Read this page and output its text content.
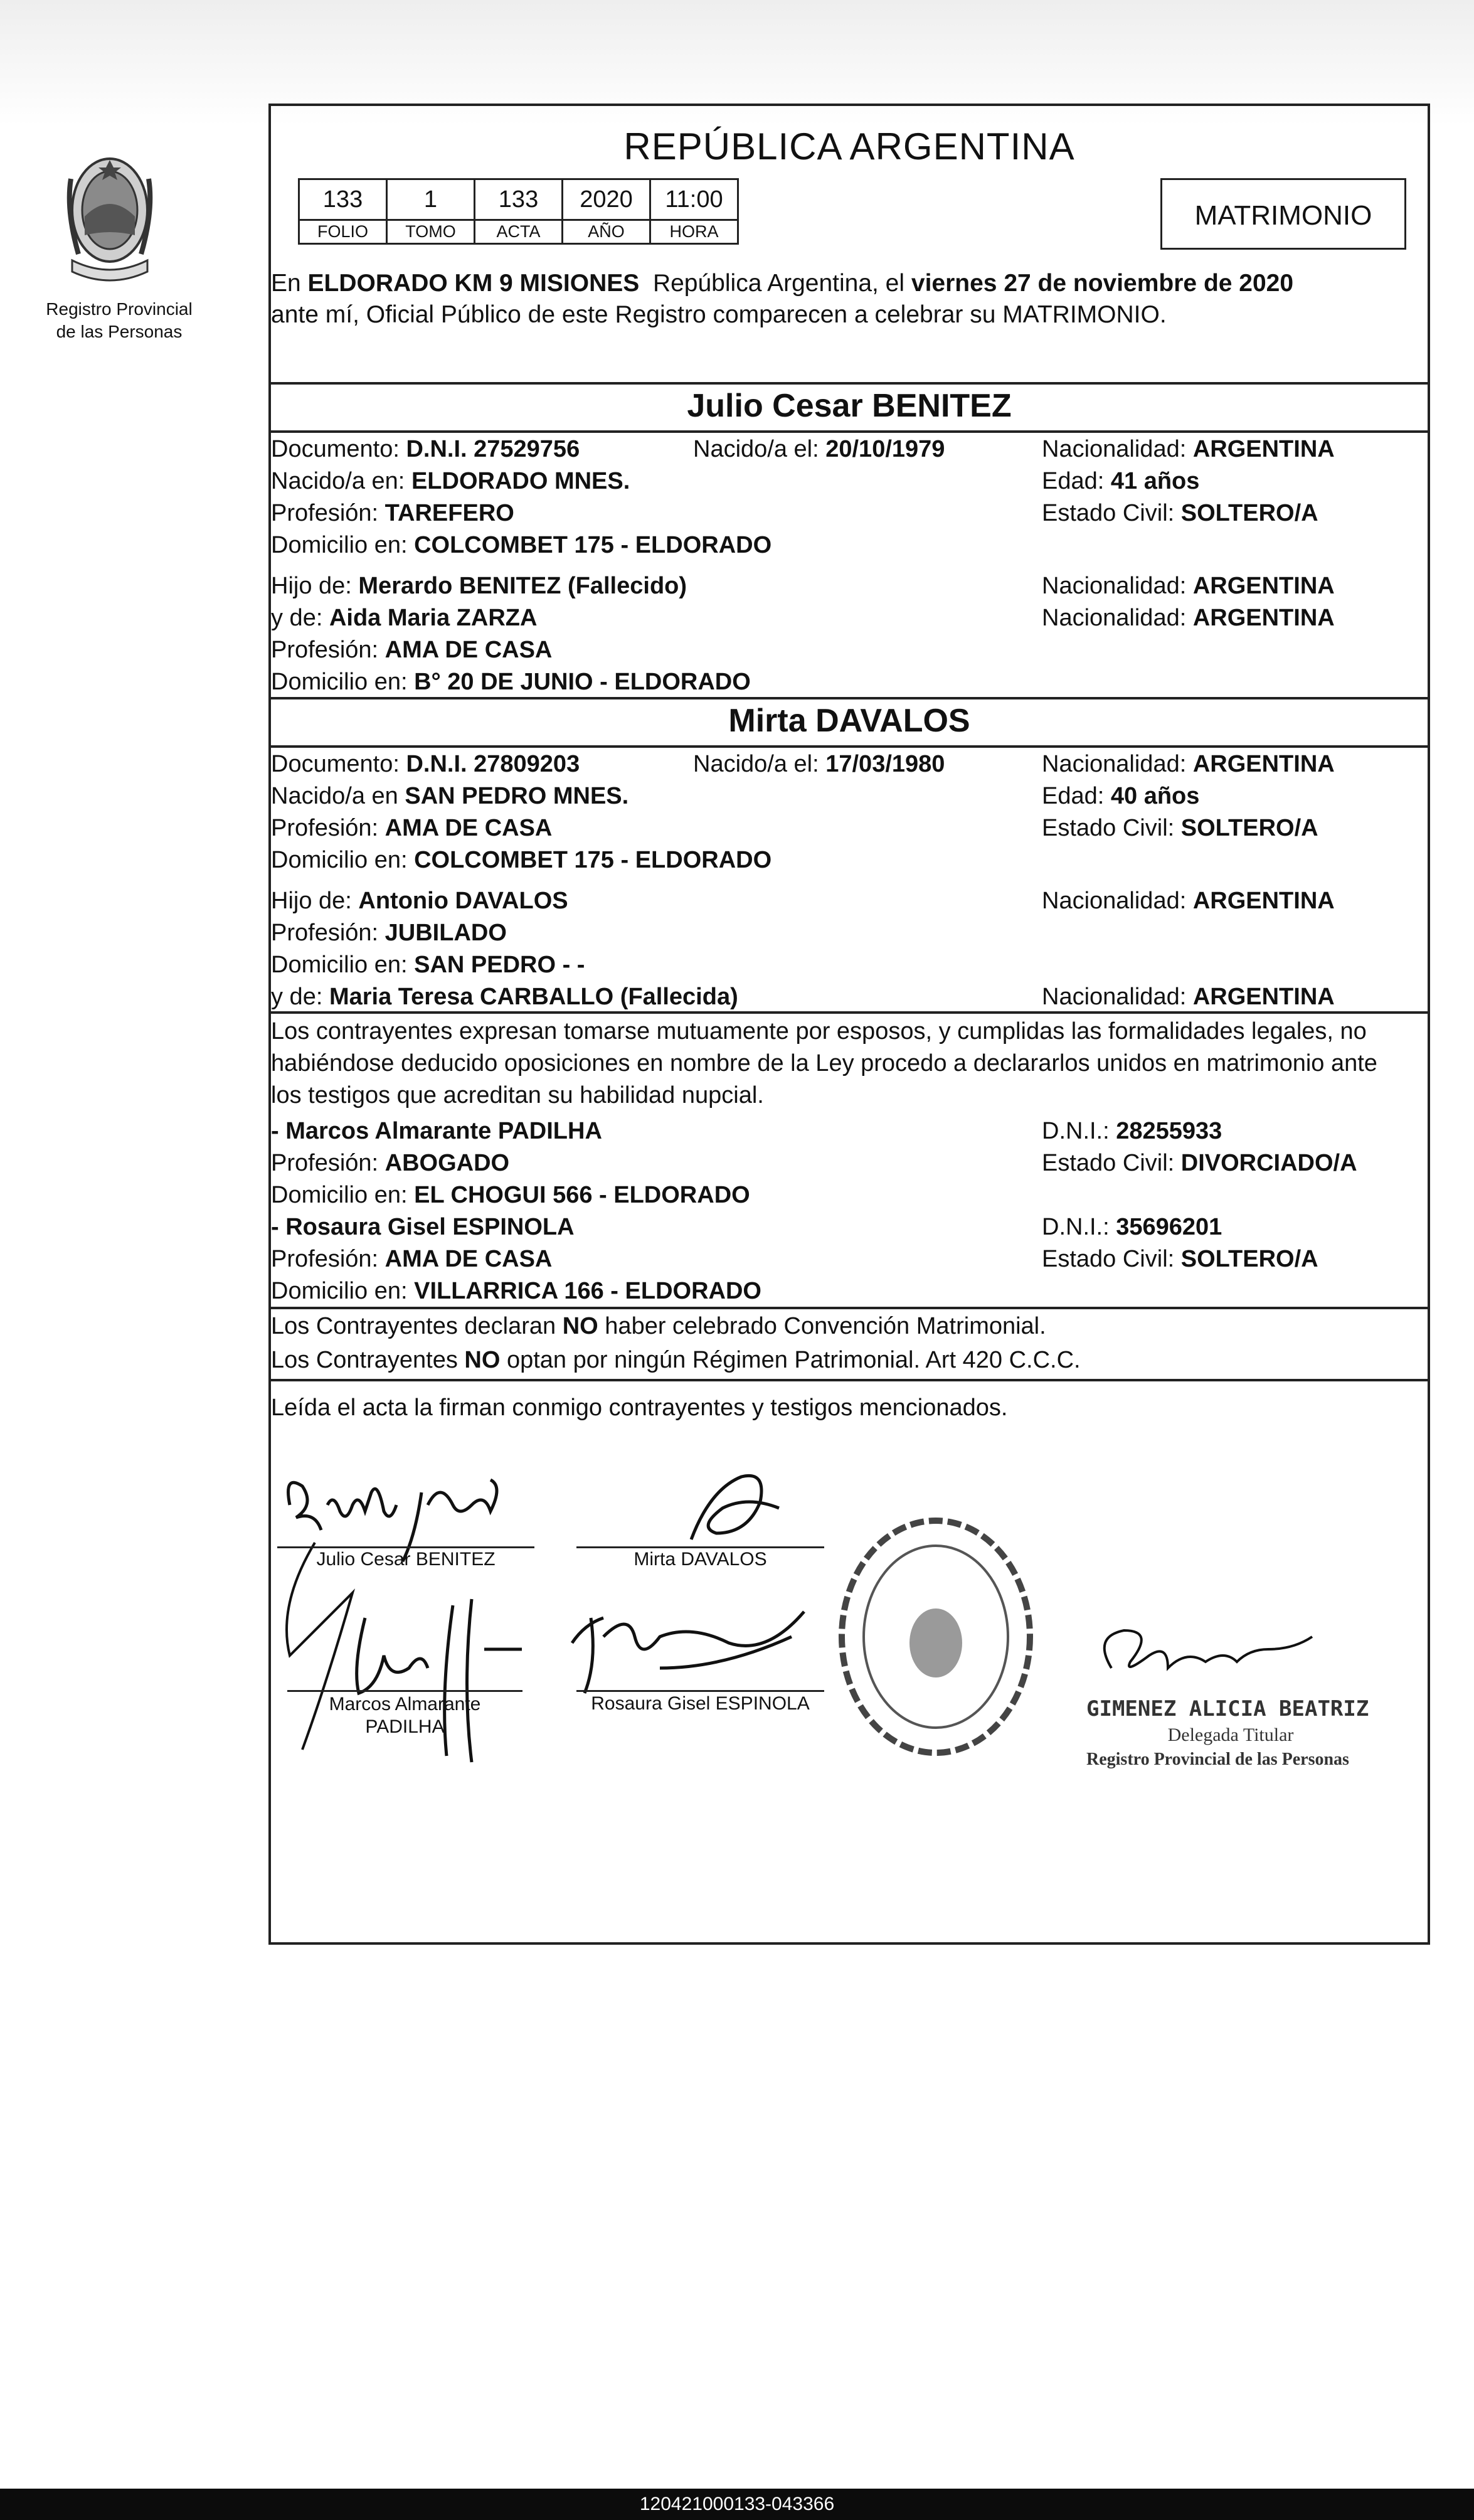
Registro Provincial
de las Personas
REPÚBLICA ARGENTINA
133	1	133	2020	11:00
FOLIO	TOMO	ACTA	AÑO	HORA
MATRIMONIO
En ELDORADO KM 9 MISIONES República Argentina, el viernes 27 de noviembre de 2020
ante mí, Oficial Público de este Registro comparecen a celebrar su MATRIMONIO.
Julio Cesar BENITEZ
Documento: D.N.I. 27529756	Nacido/a el: 20/10/1979	Nacionalidad: ARGENTINA
Nacido/a en: ELDORADO MNES.	Edad: 41 años
Profesión: TAREFERO	Estado Civil: SOLTERO/A
Domicilio en: COLCOMBET 175 - ELDORADO
Hijo de: Merardo BENITEZ (Fallecido)	Nacionalidad: ARGENTINA
y de: Aida Maria ZARZA	Nacionalidad: ARGENTINA
Profesión: AMA DE CASA
Domicilio en: B° 20 DE JUNIO - ELDORADO
Mirta DAVALOS
Documento: D.N.I. 27809203	Nacido/a el: 17/03/1980	Nacionalidad: ARGENTINA
Nacido/a en SAN PEDRO MNES.	Edad: 40 años
Profesión: AMA DE CASA	Estado Civil: SOLTERO/A
Domicilio en: COLCOMBET 175 - ELDORADO
Hijo de: Antonio DAVALOS	Nacionalidad: ARGENTINA
Profesión: JUBILADO
Domicilio en: SAN PEDRO - -
y de: Maria Teresa CARBALLO (Fallecida)	Nacionalidad: ARGENTINA
Los contrayentes expresan tomarse mutuamente por esposos, y cumplidas las formalidades legales, no
habiéndose deducido oposiciones en nombre de la Ley procedo a declararlos unidos en matrimonio ante
los testigos que acreditan su habilidad nupcial.
- Marcos Almarante PADILHA	D.N.I.: 28255933
Profesión: ABOGADO	Estado Civil: DIVORCIADO/A
Domicilio en: EL CHOGUI 566 - ELDORADO
- Rosaura Gisel ESPINOLA	D.N.I.: 35696201
Profesión: AMA DE CASA	Estado Civil: SOLTERO/A
Domicilio en: VILLARRICA 166 - ELDORADO
Los Contrayentes declaran NO haber celebrado Convención Matrimonial.
Los Contrayentes NO optan por ningún Régimen Patrimonial. Art 420 C.C.C.
Leída el acta la firman conmigo contrayentes y testigos mencionados.
Julio Cesar BENITEZ	Mirta DAVALOS
Marcos Almarante
PADILHA
Rosaura Gisel ESPINOLA	GIMENEZ ALICIA BEATRIZ
Delegada Titular
Registro Provincial de las Personas
120421000133-043366
